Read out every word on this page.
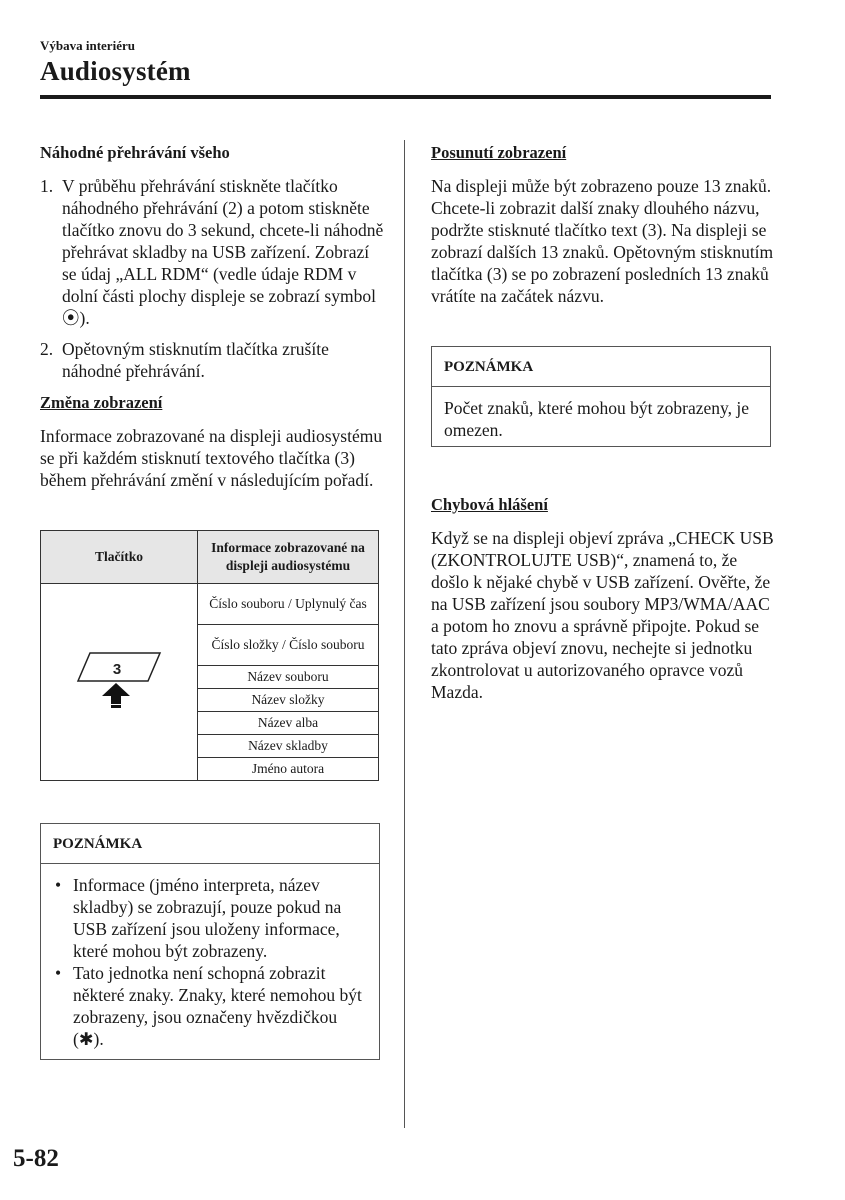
Výbava interiéru
Audiosystém
Náhodné přehrávání všeho
1. V průběhu přehrávání stiskněte tlačítko náhodného přehrávání (2) a potom stiskněte tlačítko znovu do 3 sekund, chcete-li náhodně přehrávat skladby na USB zařízení. Zobrazí se údaj „ALL RDM“ (vedle údaje RDM v dolní části plochy displeje se zobrazí symbol ⦿).
2. Opětovným stisknutím tlačítka zrušíte náhodné přehrávání.
Změna zobrazení
Informace zobrazované na displeji audiosystému se při každém stisknutí textového tlačítka (3) během přehrávání změní v následujícím pořadí.
Tlačítko	Informace zobrazované na displeji audiosystému

3	Číslo souboru / Uplynulý čas
	Číslo složky / Číslo souboru
	Název souboru
	Název složky
	Název alba
	Název skladby
	Jméno autora
POZNÁMKA
• Informace (jméno interpreta, název skladby) se zobrazují, pouze pokud na USB zařízení jsou uloženy informace, které mohou být zobrazeny.
• Tato jednotka není schopná zobrazit některé znaky. Znaky, které nemohou být zobrazeny, jsou označeny hvězdičkou (✱).
Posunutí zobrazení
Na displeji může být zobrazeno pouze 13 znaků. Chcete-li zobrazit další znaky dlouhého názvu, podržte stisknuté tlačítko text (3). Na displeji se zobrazí dalších 13 znaků. Opětovným stisknutím tlačítka (3) se po zobrazení posledních 13 znaků vrátíte na začátek názvu.
POZNÁMKA
Počet znaků, které mohou být zobrazeny, je omezen.
Chybová hlášení
Když se na displeji objeví zpráva „CHECK USB (ZKONTROLUJTE USB)“, znamená to, že došlo k nějaké chybě v USB zařízení. Ověřte, že na USB zařízení jsou soubory MP3/WMA/AAC a potom ho znovu a správně připojte. Pokud se tato zpráva objeví znovu, nechejte si jednotku zkontrolovat u autorizovaného opravce vozů Mazda.
5-82
